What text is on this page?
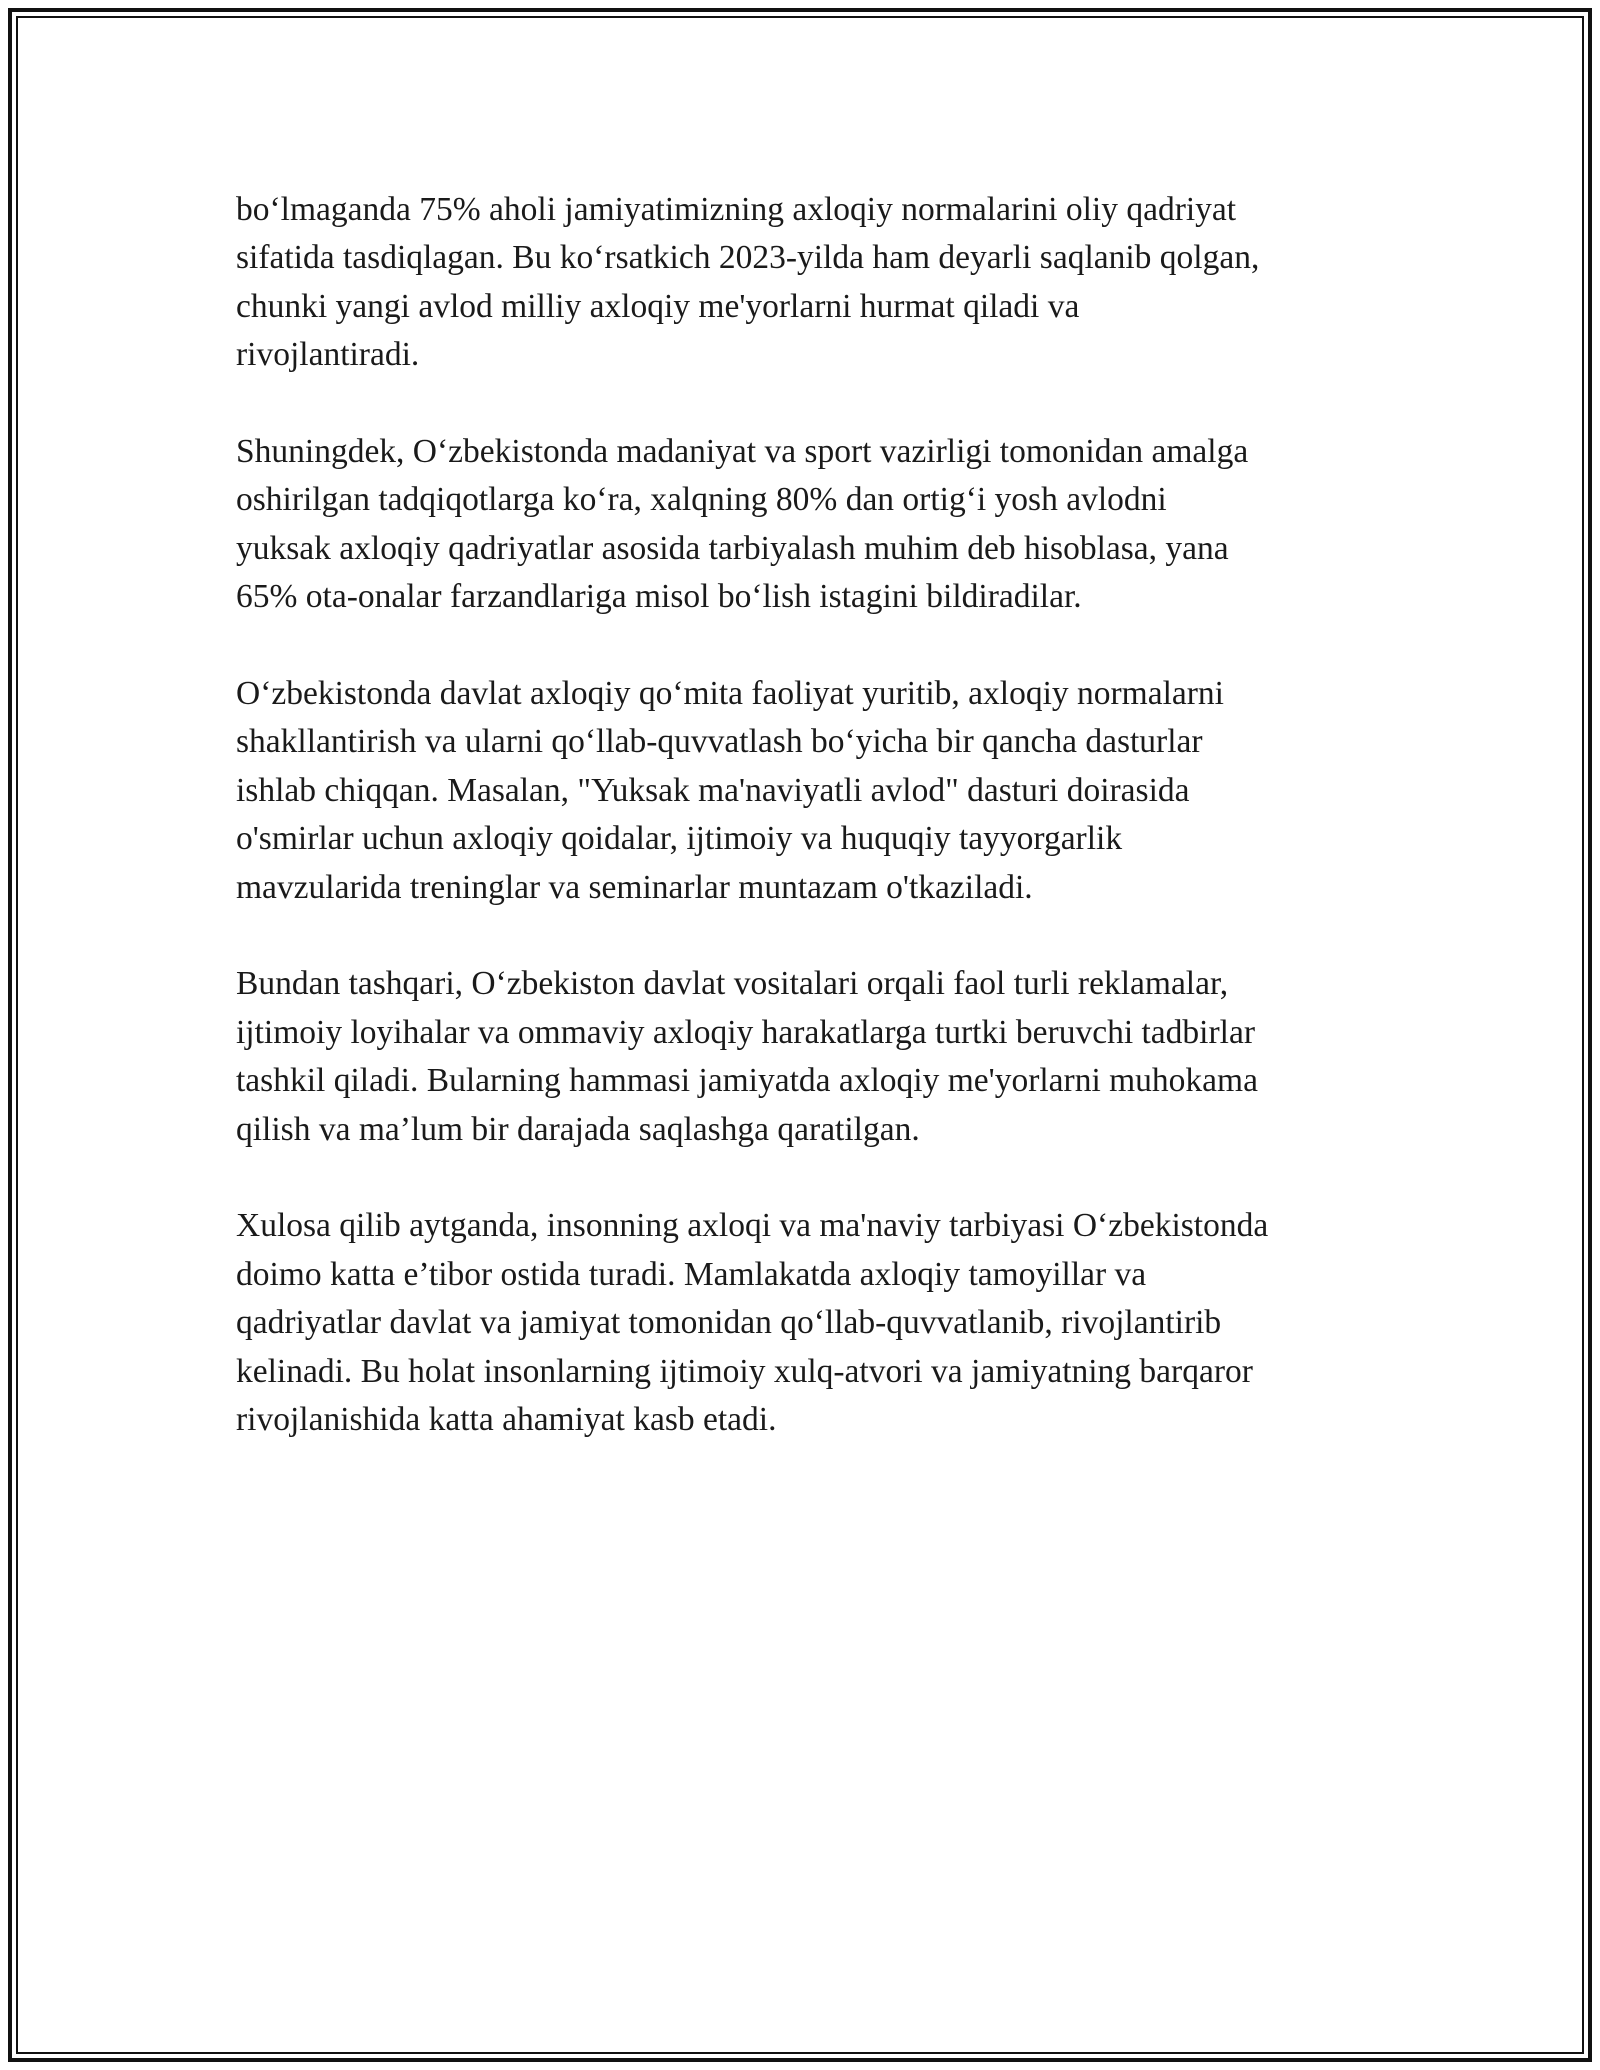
bo‘lmaganda 75% aholi jamiyatimizning axloqiy normalarini oliy qadriyat
sifatida tasdiqlagan. Bu ko‘rsatkich 2023-yilda ham deyarli saqlanib qolgan,
chunki yangi avlod milliy axloqiy me'yorlarni hurmat qiladi va
rivojlantiradi.

Shuningdek, O‘zbekistonda madaniyat va sport vazirligi tomonidan amalga
oshirilgan tadqiqotlarga ko‘ra, xalqning 80% dan ortig‘i yosh avlodni
yuksak axloqiy qadriyatlar asosida tarbiyalash muhim deb hisoblasa, yana
65% ota-onalar farzandlariga misol bo‘lish istagini bildiradilar.

O‘zbekistonda davlat axloqiy qo‘mita faoliyat yuritib, axloqiy normalarni
shakllantirish va ularni qo‘llab-quvvatlash bo‘yicha bir qancha dasturlar
ishlab chiqqan. Masalan, "Yuksak ma'naviyatli avlod" dasturi doirasida
o'smirlar uchun axloqiy qoidalar, ijtimoiy va huquqiy tayyorgarlik
mavzularida treninglar va seminarlar muntazam o'tkaziladi.

Bundan tashqari, O‘zbekiston davlat vositalari orqali faol turli reklamalar,
ijtimoiy loyihalar va ommaviy axloqiy harakatlarga turtki beruvchi tadbirlar
tashkil qiladi. Bularning hammasi jamiyatda axloqiy me'yorlarni muhokama
qilish va ma’lum bir darajada saqlashga qaratilgan.

Xulosa qilib aytganda, insonning axloqi va ma'naviy tarbiyasi O‘zbekistonda
doimo katta e’tibor ostida turadi. Mamlakatda axloqiy tamoyillar va
qadriyatlar davlat va jamiyat tomonidan qo‘llab-quvvatlanib, rivojlantirib
kelinadi. Bu holat insonlarning ijtimoiy xulq-atvori va jamiyatning barqaror
rivojlanishida katta ahamiyat kasb etadi.
